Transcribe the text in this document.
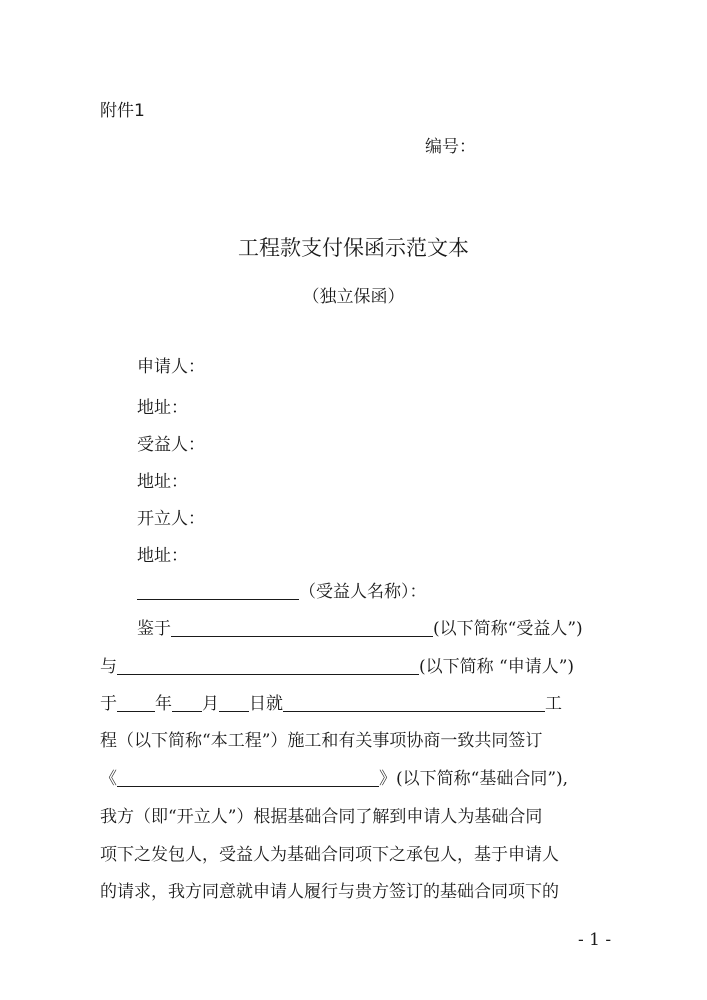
附件1
编号：
工程款支付保函示范文本
（独立保函）
申请人：
地址：
受益人：
地址：
开立人：
地址：
（受益人名称）：
鉴于	(以下简称“受益人”)
与	(以下简称 “申请人”)
于 年 月 日就	工
程（以下简称“本工程”）施工和有关事项协商一致共同签订
《	》(以下简称“基础合同”),
我方（即“开立人”）根据基础合同了解到申请人为基础合同
项下之发包人，受益人为基础合同项下之承包人，基于申请人
的请求，我方同意就申请人履行与贵方签订的基础合同项下的
- 1 -
